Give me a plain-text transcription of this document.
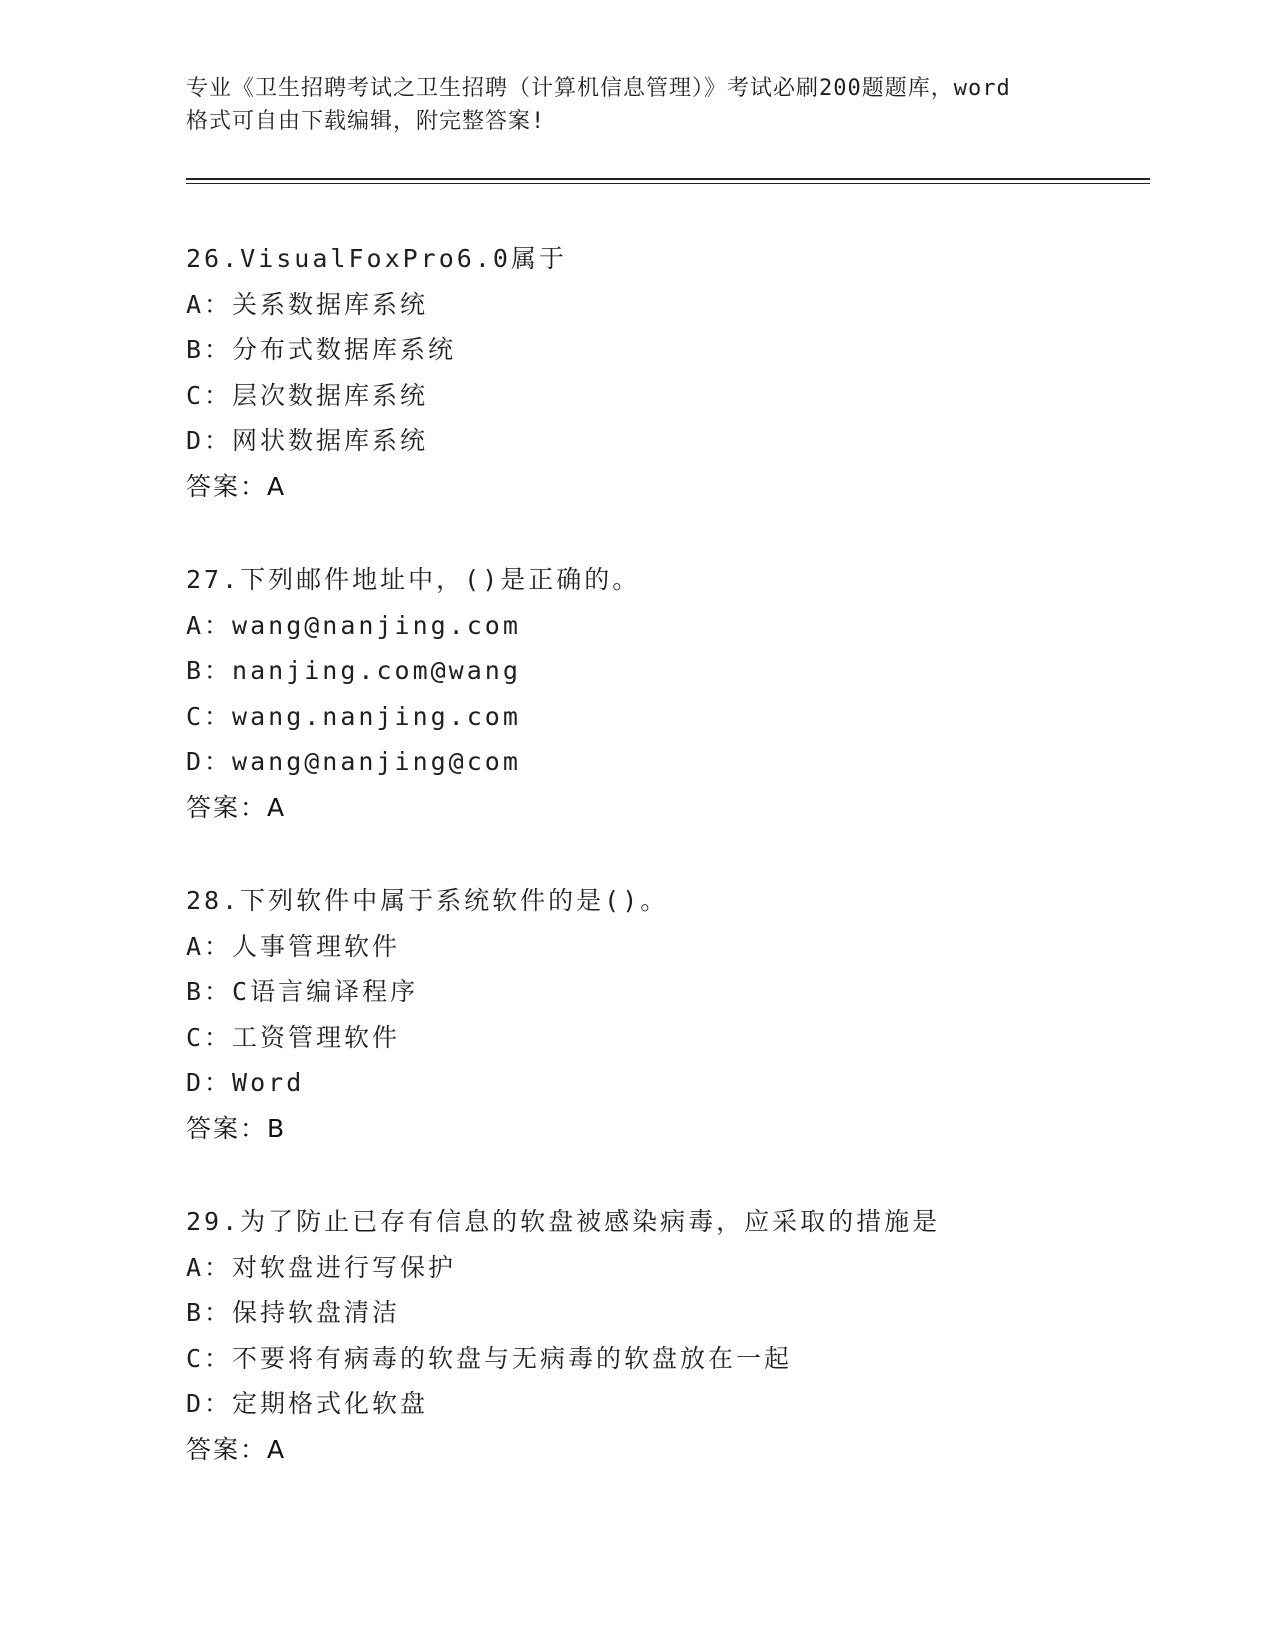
专业《卫生招聘考试之卫生招聘（计算机信息管理）》考试必刷200题题库，word
格式可自由下载编辑，附完整答案!
26.VisualFoxPro6.0属于
A：关系数据库系统
B：分布式数据库系统
C：层次数据库系统
D：网状数据库系统
答案：A
27.下列邮件地址中，()是正确的。
A：wang@nanjing.com
B：nanjing.com@wang
C：wang.nanjing.com
D：wang@nanjing@com
答案：A
28.下列软件中属于系统软件的是()。
A：人事管理软件
B：C语言编译程序
C：工资管理软件
D：Word
答案：B
29.为了防止已存有信息的软盘被感染病毒，应采取的措施是
A：对软盘进行写保护
B：保持软盘清洁
C：不要将有病毒的软盘与无病毒的软盘放在一起
D：定期格式化软盘
答案：A
